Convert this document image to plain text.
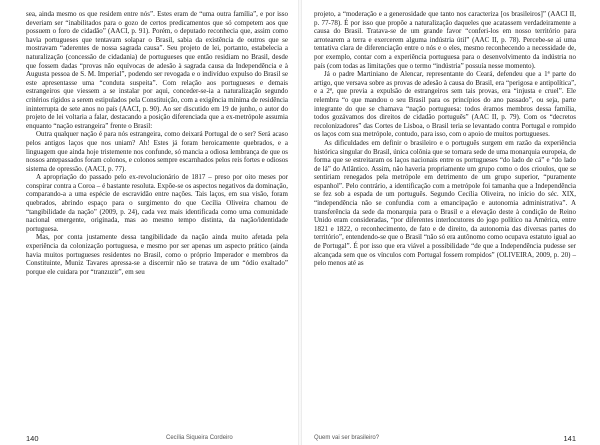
sea, ainda mesmo os que residem entre nós”. Estes eram de “uma outra família”, e por isso deveriam ser “inabilitados para o gozo de certos predicamentos que só competem aos que possuem o foro de cidadão” (AACI, p. 91). Porém, o deputado reconhecia que, assim como havia portugueses que tentavam solapar o Brasil, sabia da existência de outros que se mostravam “aderentes de nossa sagrada causa”. Seu projeto de lei, portanto, estabelecia a naturalização (concessão de cidadania) de portugueses que então residiam no Brasil, desde que fossem dadas “provas não equívocas de adesão à sagrada causa da Independência e à Augusta pessoa de S. M. Imperial”, podendo ser revogada e o indivíduo expulso do Brasil se este apresentasse uma “conduta suspeita”. Com relação aos portugueses e demais estrangeiros que viessem a se instalar por aqui, conceder-se-ia a naturalização segundo critérios rígidos a serem estipulados pela Constituição, com a exigência mínima de residência ininterrupta de sete anos no país (AACI, p. 90). Ao ser discutido em 19 de junho, o autor do projeto de lei voltaria a falar, destacando a posição diferenciada que a ex-metrópole assumia enquanto “nação estrangeira” frente o Brasil:

Outra qualquer nação é para nós estrangeira, como deixará Portugal de o ser? Será acaso pelos antigos laços que nos uniam? Ah! Estes já foram heroicamente quebrados, e a linguagem que ainda hoje tristemente nos confunde, só mancia a odiosa lembrança de que os nossos antepassados foram colonos, e colonos sempre escarnhados pelos reis fortes e odiosos sistema de opressão. (AACI, p. 77).

A apropriação do passado pelo ex-revolucionário de 1817 – preso por oito meses por conspirar contra a Coroa – é bastante resoluta. Expõe-se os aspectos negativos da dominação, comparando-a a uma espécie de escravidão entre nações. Tais laços, em sua visão, foram quebrados, abrindo espaço para o surgimento do que Cecília Oliveira chamou de “tangibilidade da nação” (2009, p. 24), cada vez mais identificada como uma comunidade nacional emergente, originada, mas ao mesmo tempo distinta, da nação/identidade portuguesa.

Mas, por conta justamente dessa tangibilidade da nação ainda muito afetada pela experiência da colonização portuguesa, e mesmo por ser apenas um aspecto prático (ainda havia muitos portugueses residentes no Brasil, como o próprio Imperador e membros da Constituinte, Muniz Tavares apressa-se a discernir não se tratava de um “ódio exaltado” porque ele cuidara por “tranzuzir”, em seu

140	Cecília Siqueira Cordeiro

projeto, a “moderação e a generosidade que tanto nos caracteriza [os brasileiros]” (AACI II, p. 77-78). É por isso que propõe a naturalização daqueles que acatassem verdadeiramente a causa do Brasil. Tratava-se de um grande favor “conferi-los em nosso território para arrotearem a terra e exercerem alguma indústria útil” (AAC II, p. 78). Percebe-se aí uma tentativa clara de diferenciação entre o nós e o eles, mesmo reconhecendo a necessidade de, por exemplo, contar com a experiência portuguesa para o desenvolvimento da indústria no país (com todas as limitações que o termo “indústria” possuía nesse momento).

Já o padre Martiniano de Alencar, representante do Ceará, defendeu que a 1ª parte do artigo, que versava sobre as provas de adesão à causa do Brasil, era “perigosa e antipolítica”, e a 2ª, que previa a expulsão de estrangeiros sem tais provas, era “injusta e cruel”. Ele relembra “o que mandou o seu Brasil para os princípios do ano passado”, ou seja, parte integrante do que se chamava “nação portuguesa: todos éramos membros dessa família, todos gozávamos dos direitos de cidadão português” (AAC II, p. 79). Com os “decretos recolonizadores” das Cortes de Lisboa, o Brasil teria se levantado contra Portugal e rompido os laços com sua metrópole, contudo, para isso, com o apoio de muitos portugueses.

As dificuldades em definir o brasileiro e o português surgem em razão da experiência histórica singular do Brasil, única colônia que se tornara sede de uma monarquia europeia, de forma que se estreitaram os laços nacionais entre os portugueses “do lado de cá” e “do lado de lá” do Atlântico. Assim, não haveria propriamente um grupo como o dos crioulos, que se sentiriam renegados pela metrópole em detrimento de um grupo superior, “puramente espanhol”. Pelo contrário, a identificação com a metrópole foi tamanha que a Independência se fez sob a espada de um português. Segundo Cecília Oliveira, no início do séc. XIX, “independência não se confundia com a emancipação e autonomia administrativa”. A transferência da sede da monarquia para o Brasil e a elevação deste à condição de Reino Unido eram consideradas, “por diferentes interlocutores do jogo político na América, entre 1821 e 1822, o reconhecimento, de fato e de direito, da autonomia das diversas partes do território”, entendendo-se que o Brasil “não só era autônomo como ocupava estatuto igual ao de Portugal”. É por isso que era viável a possibilidade “de que a Independência pudesse ser alcançada sem que os vínculos com Portugal fossem rompidos” (OLIVEIRA, 2009, p. 20) – pelo menos até as

Quem vai ser brasileiro?	141
